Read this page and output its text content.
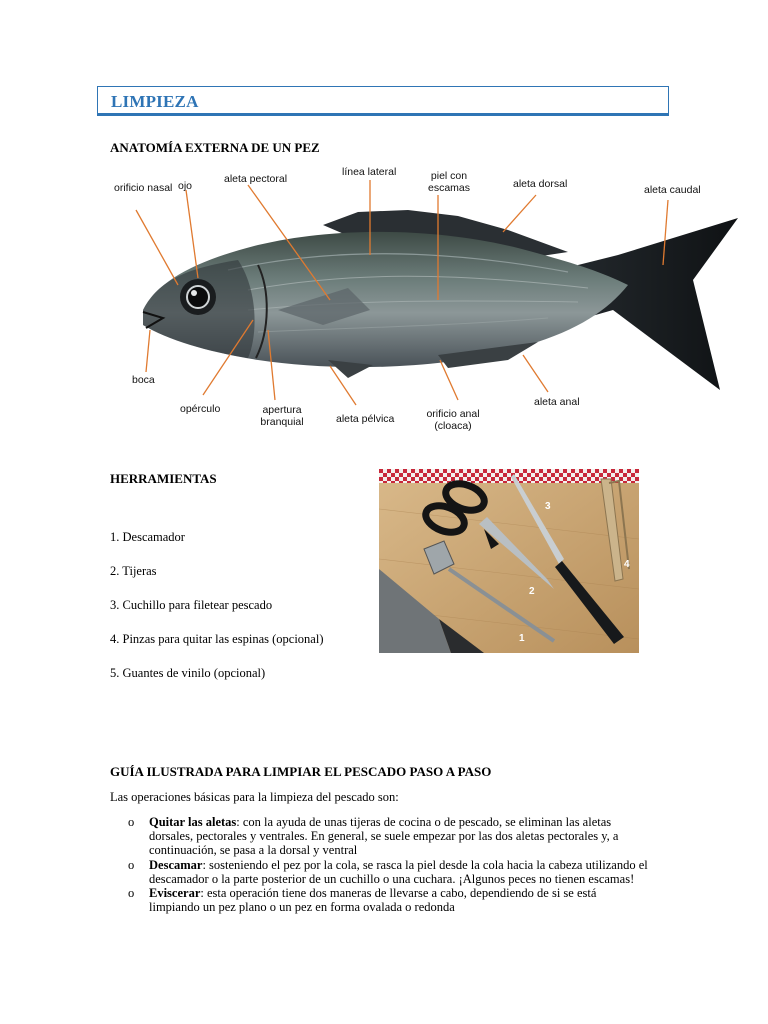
LIMPIEZA
ANATOMÍA EXTERNA DE UN PEZ
orificio nasal ojo
aleta pectoral
línea lateral	piel con escamas	aleta dorsal	aleta caudal
boca
opérculo	apertura branquial	aleta pélvica	orificio anal (cloaca)
aleta anal
HERRAMIENTAS
1. Descamador
2. Tijeras
3. Cuchillo para filetear pescado
4. Pinzas para quitar las espinas (opcional)
5. Guantes de vinilo (opcional)
1
2
3
4
GUÍA ILUSTRADA PARA LIMPIAR EL PESCADO PASO A PASO
Las operaciones básicas para la limpieza del pescado son:
o Quitar las aletas: con la ayuda de unas tijeras de cocina o de pescado, se eliminan las aletas dorsales, pectorales y ventrales. En general, se suele empezar por las dos aletas pectorales y, a continuación, se pasa a la dorsal y ventral
o Descamar: sosteniendo el pez por la cola, se rasca la piel desde la cola hacia la cabeza utilizando el descamador o la parte posterior de un cuchillo o una cuchara. ¡Algunos peces no tienen escamas!
o Eviscerar: esta operación tiene dos maneras de llevarse a cabo, dependiendo de si se está limpiando un pez plano o un pez en forma ovalada o redonda
